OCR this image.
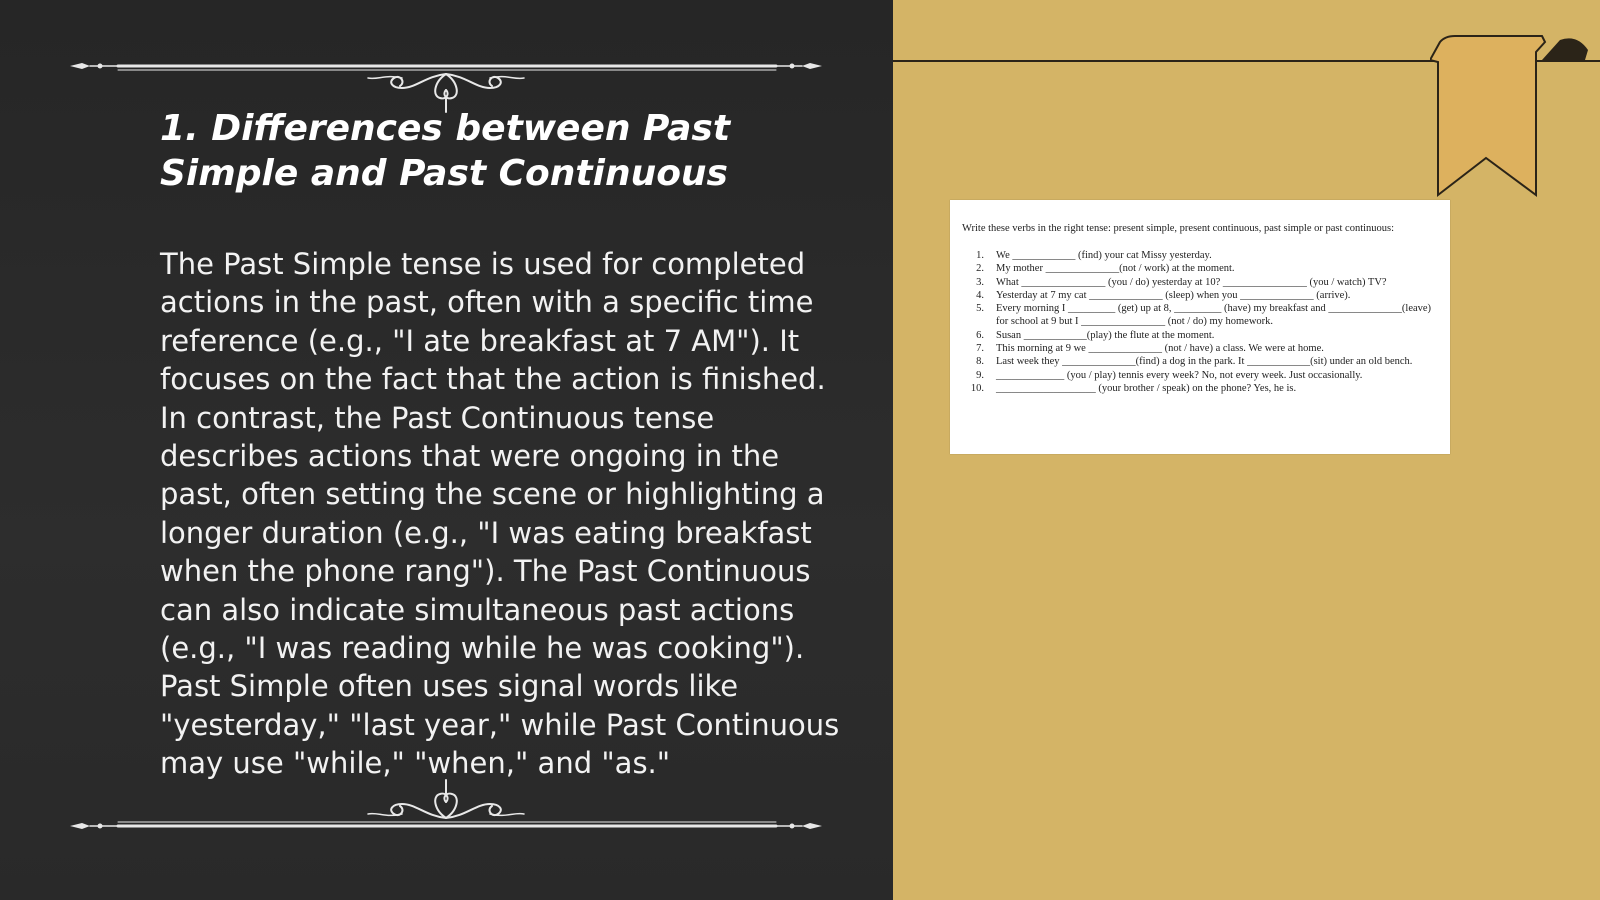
1. Differences between Past Simple and Past Continuous

The Past Simple tense is used for completed actions in the past, often with a specific time reference (e.g., "I ate breakfast at 7 AM"). It focuses on the fact that the action is finished. In contrast, the Past Continuous tense describes actions that were ongoing in the past, often setting the scene or highlighting a longer duration (e.g., "I was eating breakfast when the phone rang"). The Past Continuous can also indicate simultaneous past actions (e.g., "I was reading while he was cooking"). Past Simple often uses signal words like "yesterday," "last year," while Past Continuous may use "while," "when," and "as."

Write these verbs in the right tense: present simple, present continuous, past simple or past continuous:
1.	We ____________ (find) your cat Missy yesterday.
2.	My mother ______________(not / work) at the moment.
3.	What ________________ (you / do) yesterday at 10? ________________ (you / watch) TV?
4.	Yesterday at 7 my cat ______________ (sleep) when you ______________ (arrive).
5.	Every morning I _________ (get) up at 8, _________ (have) my breakfast and ______________(leave) for school at 9 but I ________________ (not / do) my homework.
6.	Susan ____________(play) the flute at the moment.
7.	This morning at 9 we ______________ (not / have) a class. We were at home.
8.	Last week they ______________(find) a dog in the park. It ____________(sit) under an old bench.
9.	_____________ (you / play) tennis every week? No, not every week. Just occasionally.
10.	___________________ (your brother / speak) on the phone? Yes, he is.
